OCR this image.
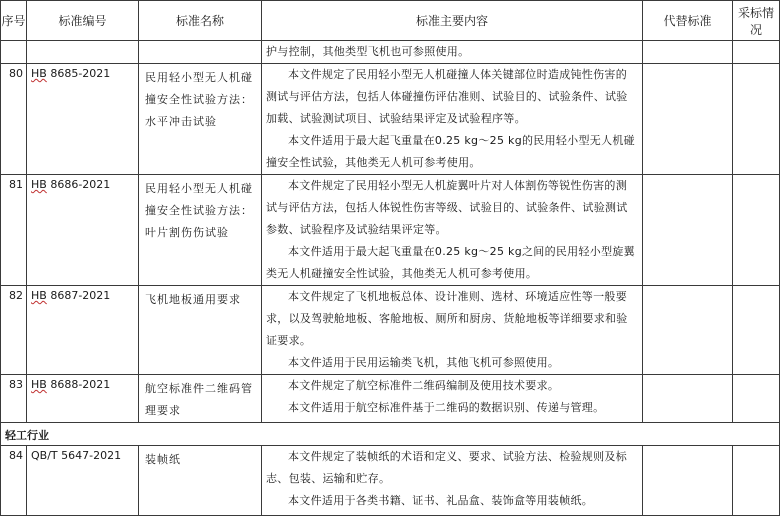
序号	标准编号	标准名称	标准主要内容	代替标准	采标情况

			护与控制，其他类型飞机也可参照使用。		

80	HB 8685-2021	民用轻小型无人机碰撞安全性试验方法：水平冲击试验	本文件规定了民用轻小型无人机碰撞人体关键部位时造成钝性伤害的测试与评估方法，包括人体碰撞伤评估准则、试验目的、试验条件、试验加载、试验测试项目、试验结果评定及试验程序等。
本文件适用于最大起飞重量在0.25 kg～25 kg的民用轻小型无人机碰撞安全性试验，其他类无人机可参考使用。		

81	HB 8686-2021	民用轻小型无人机碰撞安全性试验方法：叶片割伤伤试验	本文件规定了民用轻小型无人机旋翼叶片对人体割伤等锐性伤害的测试与评估方法，包括人体锐性伤害等级、试验目的、试验条件、试验测试参数、试验程序及试验结果评定等。
本文件适用于最大起飞重量在0.25 kg～25 kg之间的民用轻小型旋翼类无人机碰撞安全性试验，其他类无人机可参考使用。		

82	HB 8687-2021	飞机地板通用要求	本文件规定了飞机地板总体、设计准则、选材、环境适应性等一般要求，以及驾驶舱地板、客舱地板、厕所和厨房、货舱地板等详细要求和验证要求。
本文件适用于民用运输类飞机，其他飞机可参照使用。		

83	HB 8688-2021	航空标准件二维码管理要求	本文件规定了航空标准件二维码编制及使用技术要求。
本文件适用于航空标准件基于二维码的数据识别、传递与管理。		

轻工行业					
84	QB/T 5647-2021	装帧纸	本文件规定了装帧纸的术语和定义、要求、试验方法、检验规则及标志、包装、运输和贮存。
本文件适用于各类书籍、证书、礼品盒、装饰盒等用装帧纸。		
